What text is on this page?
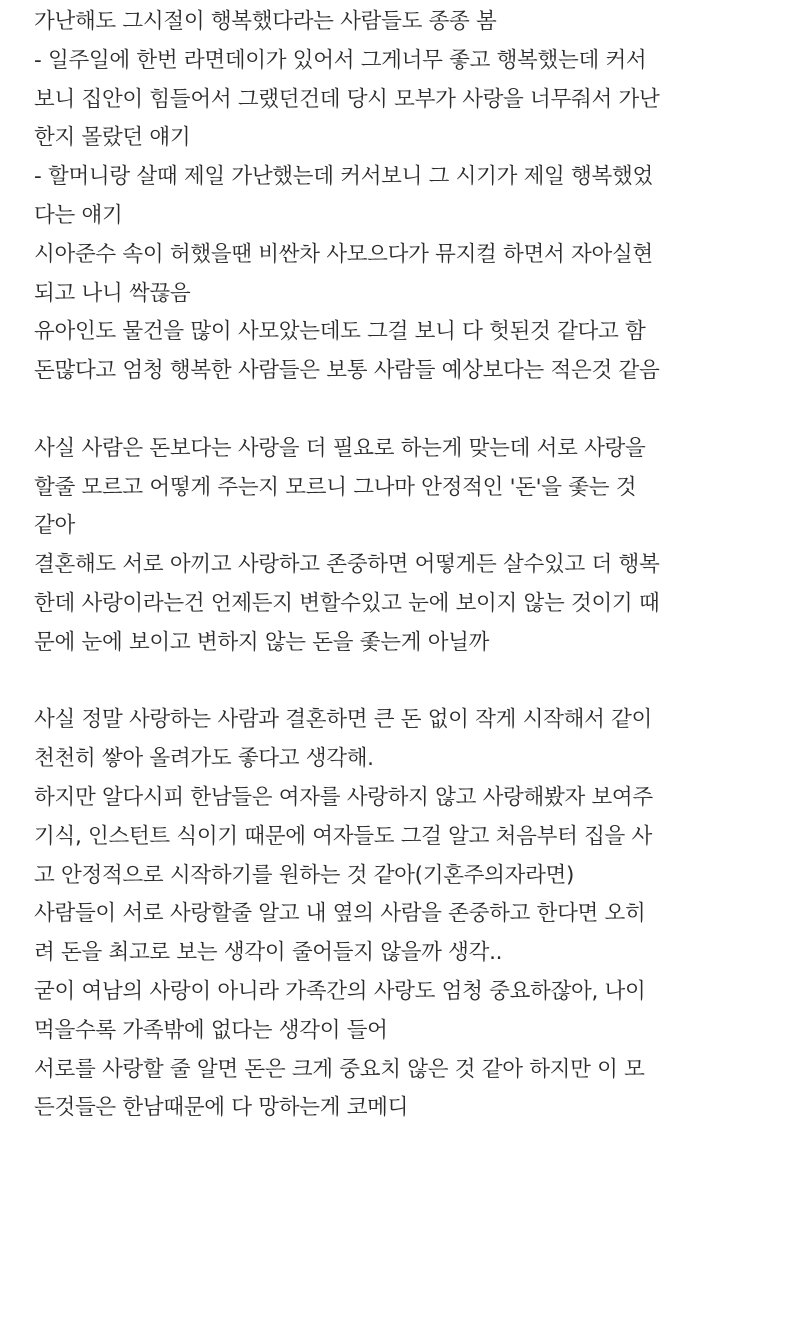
가난해도 그시절이 행복했다라는 사람들도 종종 봄
- 일주일에 한번 라면데이가 있어서 그게너무 좋고 행복했는데 커서
보니 집안이 힘들어서 그랬던건데 당시 모부가 사랑을 너무줘서 가난
한지 몰랐던 얘기
- 할머니랑 살때 제일 가난했는데 커서보니 그 시기가 제일 행복했었
다는 얘기
시아준수 속이 허했을땐 비싼차 사모으다가 뮤지컬 하면서 자아실현
되고 나니 싹끊음
유아인도 물건을 많이 사모았는데도 그걸 보니 다 헛된것 같다고 함
돈많다고 엄청 행복한 사람들은 보통 사람들 예상보다는 적은것 같음
사실 사람은 돈보다는 사랑을 더 필요로 하는게 맞는데 서로 사랑을
할줄 모르고 어떻게 주는지 모르니 그나마 안정적인 '돈'을 좇는 것
같아
결혼해도 서로 아끼고 사랑하고 존중하면 어떻게든 살수있고 더 행복
한데 사랑이라는건 언제든지 변할수있고 눈에 보이지 않는 것이기 때
문에 눈에 보이고 변하지 않는 돈을 좇는게 아닐까
사실 정말 사랑하는 사람과 결혼하면 큰 돈 없이 작게 시작해서 같이
천천히 쌓아 올려가도 좋다고 생각해.
하지만 알다시피 한남들은 여자를 사랑하지 않고 사랑해봤자 보여주
기식, 인스턴트 식이기 때문에 여자들도 그걸 알고 처음부터 집을 사
고 안정적으로 시작하기를 원하는 것 같아(기혼주의자라면)
사람들이 서로 사랑할줄 알고 내 옆의 사람을 존중하고 한다면 오히
려 돈을 최고로 보는 생각이 줄어들지 않을까 생각..
굳이 여남의 사랑이 아니라 가족간의 사랑도 엄청 중요하잖아, 나이
먹을수록 가족밖에 없다는 생각이 들어
서로를 사랑할 줄 알면 돈은 크게 중요치 않은 것 같아 하지만 이 모
든것들은 한남때문에 다 망하는게 코메디
